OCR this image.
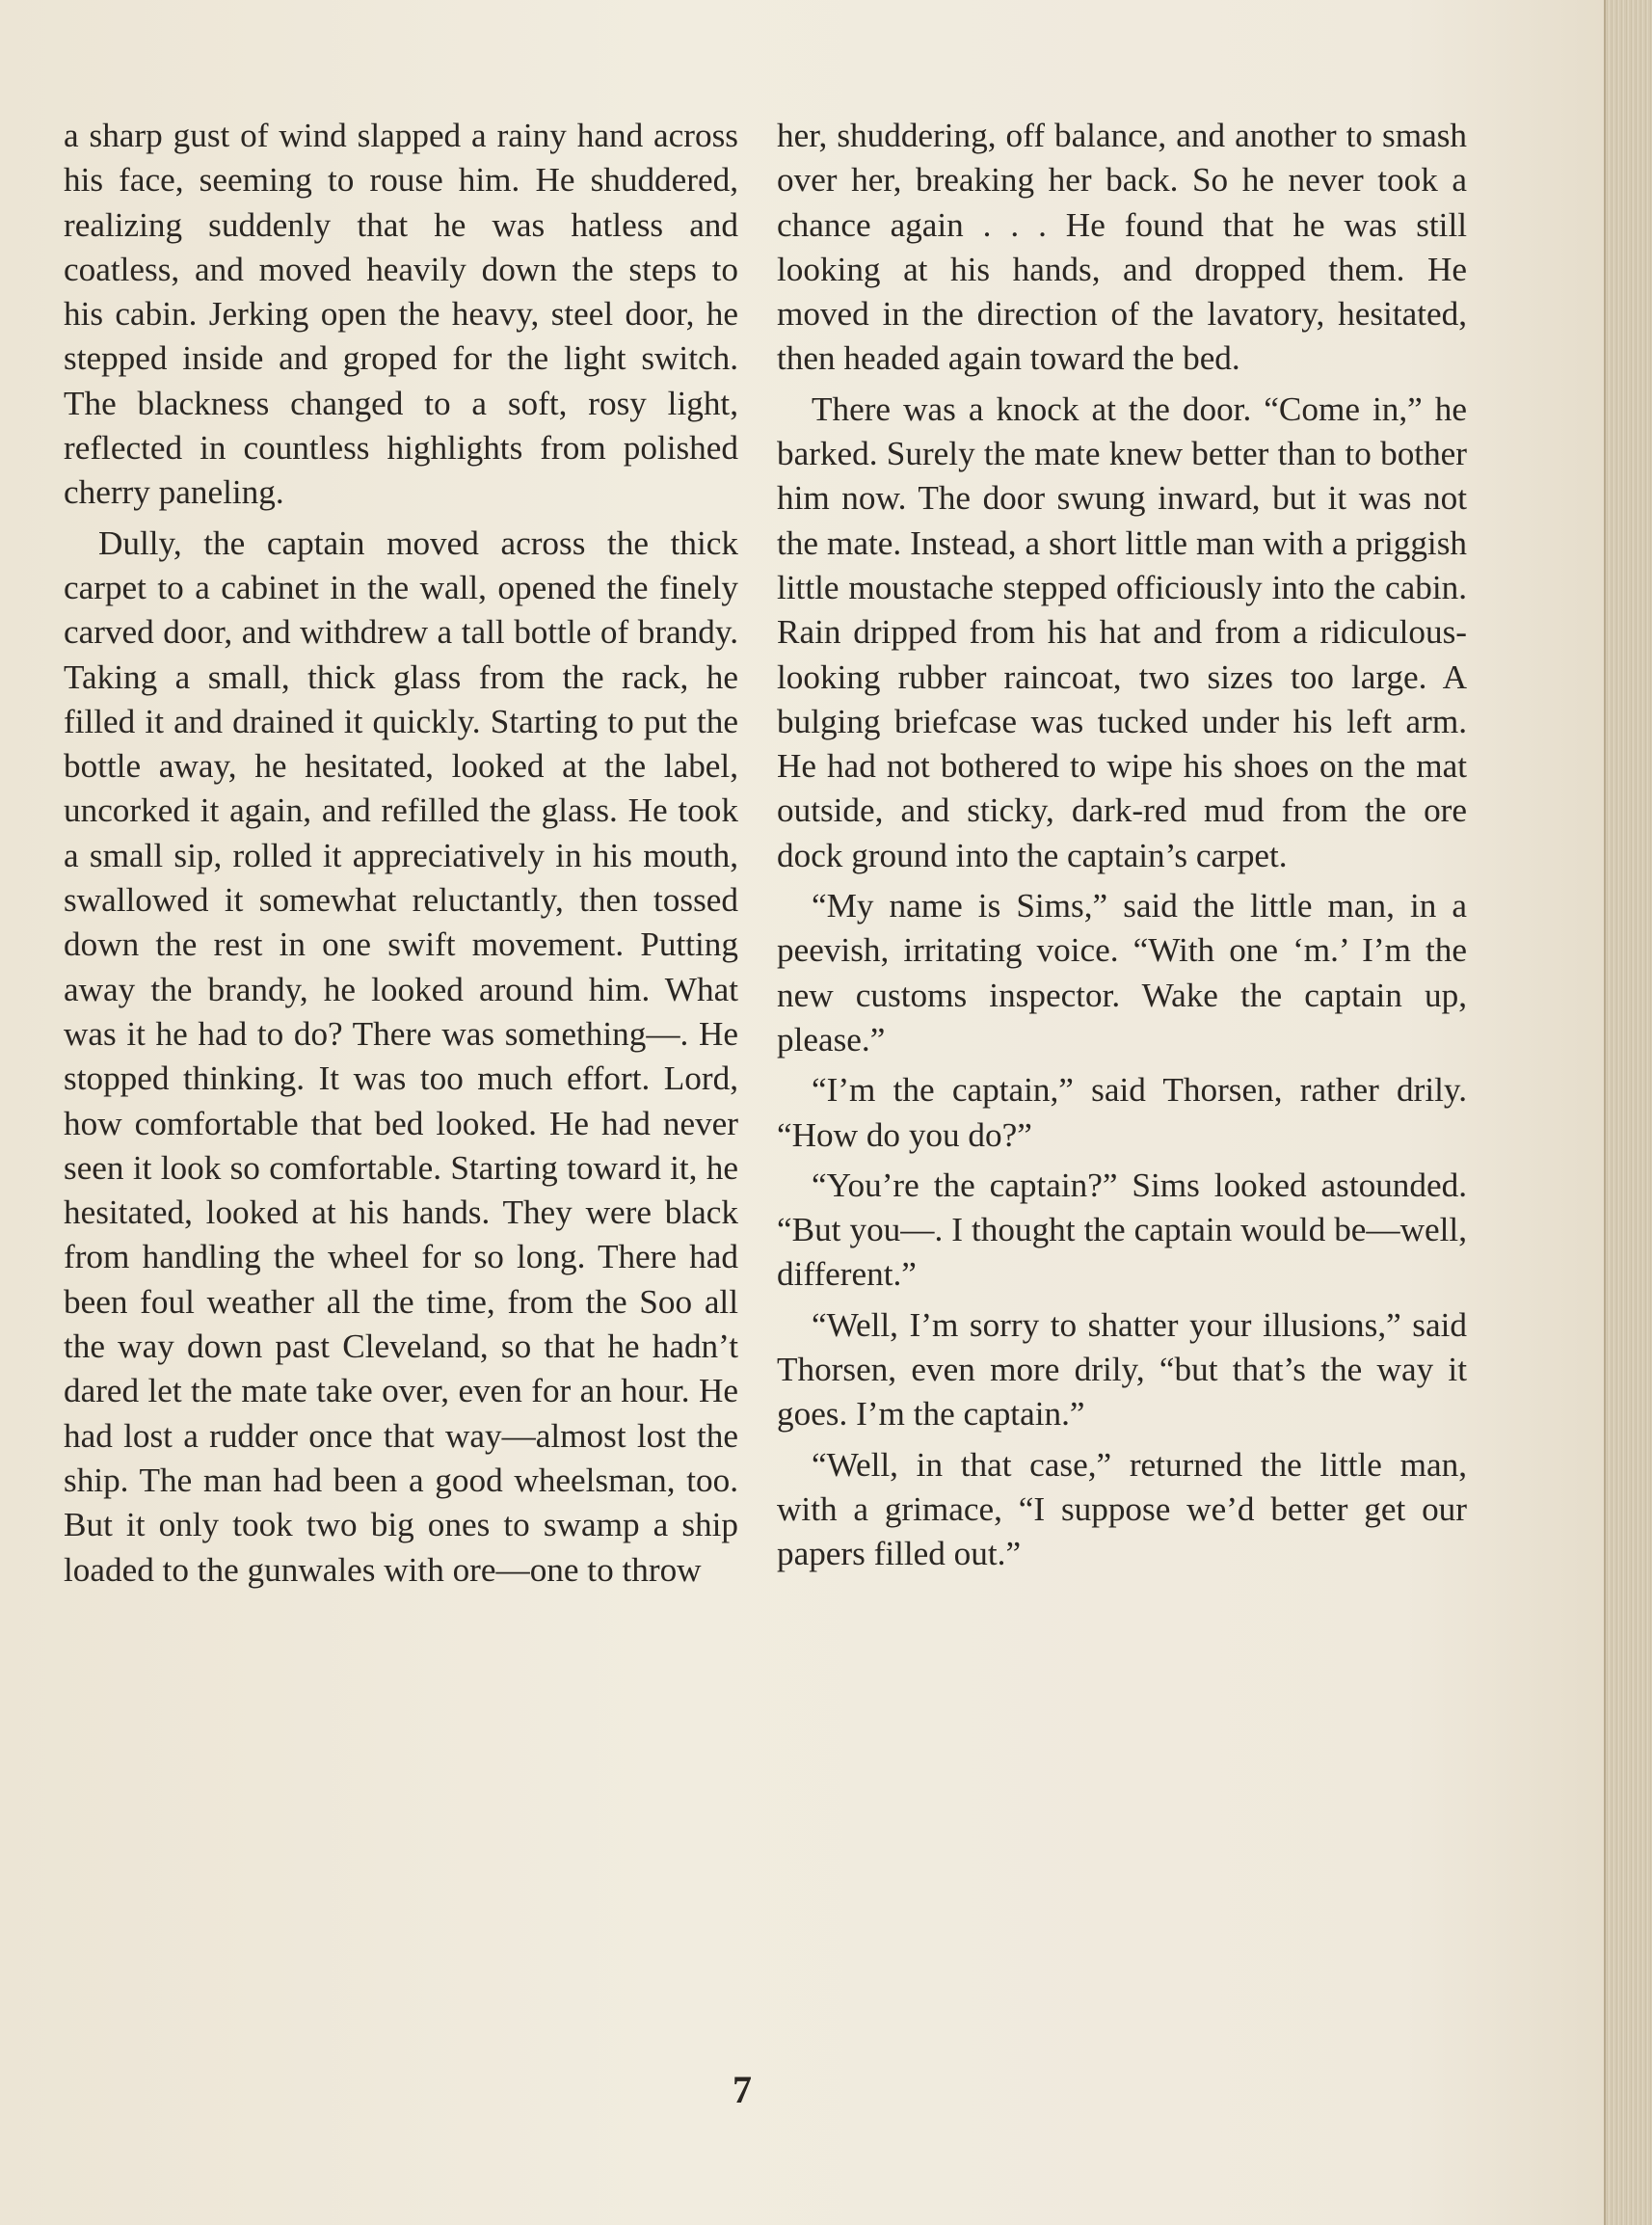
a sharp gust of wind slapped a rainy hand across his face, seeming to rouse him. He shuddered, realizing suddenly that he was hatless and coatless, and moved heavily down the steps to his cabin. Jerking open the heavy, steel door, he stepped inside and groped for the light switch. The blackness changed to a soft, rosy light, reflected in countless highlights from polished cherry paneling.

Dully, the captain moved across the thick carpet to a cabinet in the wall, opened the finely carved door, and withdrew a tall bottle of brandy. Taking a small, thick glass from the rack, he filled it and drained it quickly. Starting to put the bottle away, he hesitated, looked at the label, uncorked it again, and refilled the glass. He took a small sip, rolled it appreciatively in his mouth, swallowed it somewhat reluctantly, then tossed down the rest in one swift movement. Putting away the brandy, he looked around him. What was it he had to do? There was something—. He stopped thinking. It was too much effort. Lord, how comfortable that bed looked. He had never seen it look so comfortable. Starting toward it, he hesitated, looked at his hands. They were black from handling the wheel for so long. There had been foul weather all the time, from the Soo all the way down past Cleveland, so that he hadn’t dared let the mate take over, even for an hour. He had lost a rudder once that way—almost lost the ship. The man had been a good wheelsman, too. But it only took two big ones to swamp a ship loaded to the gunwales with ore—one to throw

her, shuddering, off balance, and another to smash over her, breaking her back. So he never took a chance again . . . He found that he was still looking at his hands, and dropped them. He moved in the direction of the lavatory, hesitated, then headed again toward the bed.

There was a knock at the door. “Come in,” he barked. Surely the mate knew better than to bother him now. The door swung inward, but it was not the mate. Instead, a short little man with a priggish little moustache stepped officiously into the cabin. Rain dripped from his hat and from a ridiculous-looking rubber raincoat, two sizes too large. A bulging briefcase was tucked under his left arm. He had not bothered to wipe his shoes on the mat outside, and sticky, dark-red mud from the ore dock ground into the captain’s carpet.

“My name is Sims,” said the little man, in a peevish, irritating voice. “With one ‘m.’ I’m the new customs inspector. Wake the captain up, please.”

“I’m the captain,” said Thorsen, rather drily. “How do you do?”

“You’re the captain?” Sims looked astounded. “But you—. I thought the captain would be—well, different.”

“Well, I’m sorry to shatter your illusions,” said Thorsen, even more drily, “but that’s the way it goes. I’m the captain.”

“Well, in that case,” returned the little man, with a grimace, “I suppose we’d better get our papers filled out.”

7
